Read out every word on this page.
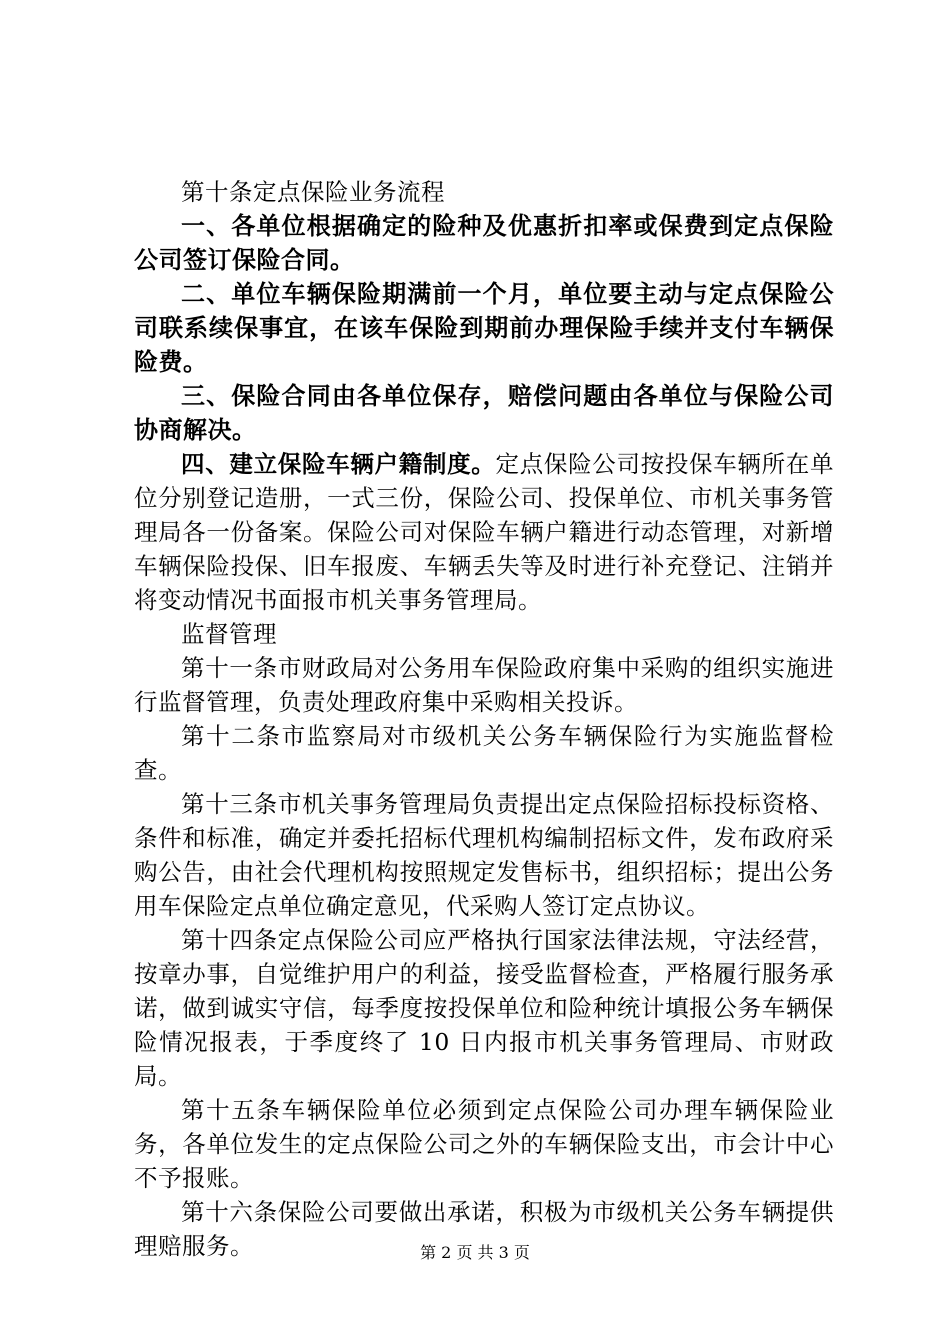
第十条定点保险业务流程

一、各单位根据确定的险种及优惠折扣率或保费到定点保险公司签订保险合同。

二、单位车辆保险期满前一个月，单位要主动与定点保险公司联系续保事宜，在该车保险到期前办理保险手续并支付车辆保险费。

三、保险合同由各单位保存，赔偿问题由各单位与保险公司协商解决。

四、建立保险车辆户籍制度。定点保险公司按投保车辆所在单位分别登记造册，一式三份，保险公司、投保单位、市机关事务管理局各一份备案。保险公司对保险车辆户籍进行动态管理，对新增车辆保险投保、旧车报废、车辆丢失等及时进行补充登记、注销并将变动情况书面报市机关事务管理局。

监督管理

第十一条市财政局对公务用车保险政府集中采购的组织实施进行监督管理，负责处理政府集中采购相关投诉。

第十二条市监察局对市级机关公务车辆保险行为实施监督检查。

第十三条市机关事务管理局负责提出定点保险招标投标资格、条件和标准，确定并委托招标代理机构编制招标文件，发布政府采购公告，由社会代理机构按照规定发售标书，组织招标；提出公务用车保险定点单位确定意见，代采购人签订定点协议。

第十四条定点保险公司应严格执行国家法律法规，守法经营，按章办事，自觉维护用户的利益，接受监督检查，严格履行服务承诺，做到诚实守信，每季度按投保单位和险种统计填报公务车辆保险情况报表，于季度终了 10 日内报市机关事务管理局、市财政局。

第十五条车辆保险单位必须到定点保险公司办理车辆保险业务，各单位发生的定点保险公司之外的车辆保险支出，市会计中心不予报账。

第十六条保险公司要做出承诺，积极为市级机关公务车辆提供理赔服务。	第 2 页 共 3 页
